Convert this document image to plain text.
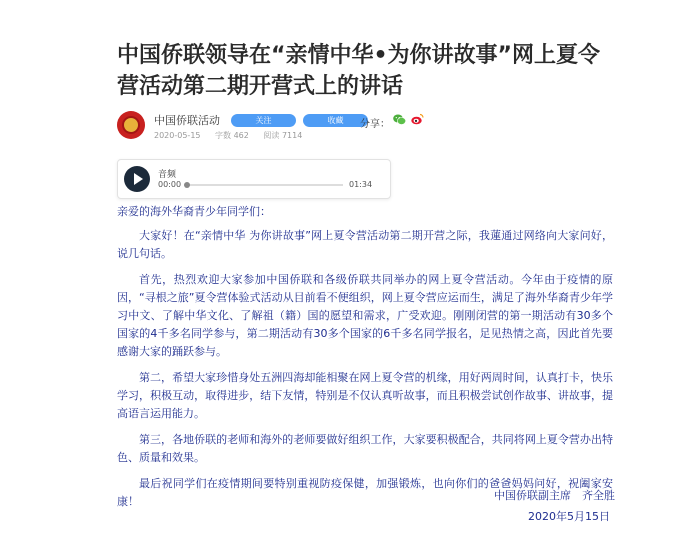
中国侨联领导在“亲情中华•为你讲故事”网上夏令营活动第二期开营式上的讲话
中国侨联活动
2020-05-15 字数 462 阅读 7114
关注	收藏	分享：
音频
00:00	01:34

亲爱的海外华裔青少年同学们：

大家好！在“亲情中华 为你讲故事”网上夏令营活动第二期开营之际，我蓮通过网络向大家问好，说几句话。

首先，热烈欢迎大家参加中国侨联和各级侨联共同举办的网上夏令营活动。今年由于疫情的原因，“寻根之旅”夏令营体验式活动从目前看不便组织，网上夏令营应运而生，满足了海外华裔青少年学习中文、了解中华文化、了解祖（籍）国的愿望和需求，广受欢迎。刚刚闭营的第一期活动有30多个国家的4千多名同学参与，第二期活动有30多个国家的6千多名同学报名，足见热情之高，因此首先要感谢大家的踊跃参与。

第二，希望大家珍惜身处五洲四海却能相聚在网上夏令营的机缘，用好两周时间，认真打卡，快乐学习，积极互动，取得进步，结下友情，特别是不仅认真听故事，而且积极尝试创作故事、讲故事，提高语言运用能力。

第三，各地侨联的老师和海外的老师要做好组织工作，大家要积极配合，共同将网上夏令营办出特色、质量和效果。

最后祝同学们在疫情期间要特别重视防疫保健，加强锻炼，也向你们的爸爸妈妈问好，祝阖家安康！	中国侨联副主席　齐全胜
2020年5月15日
